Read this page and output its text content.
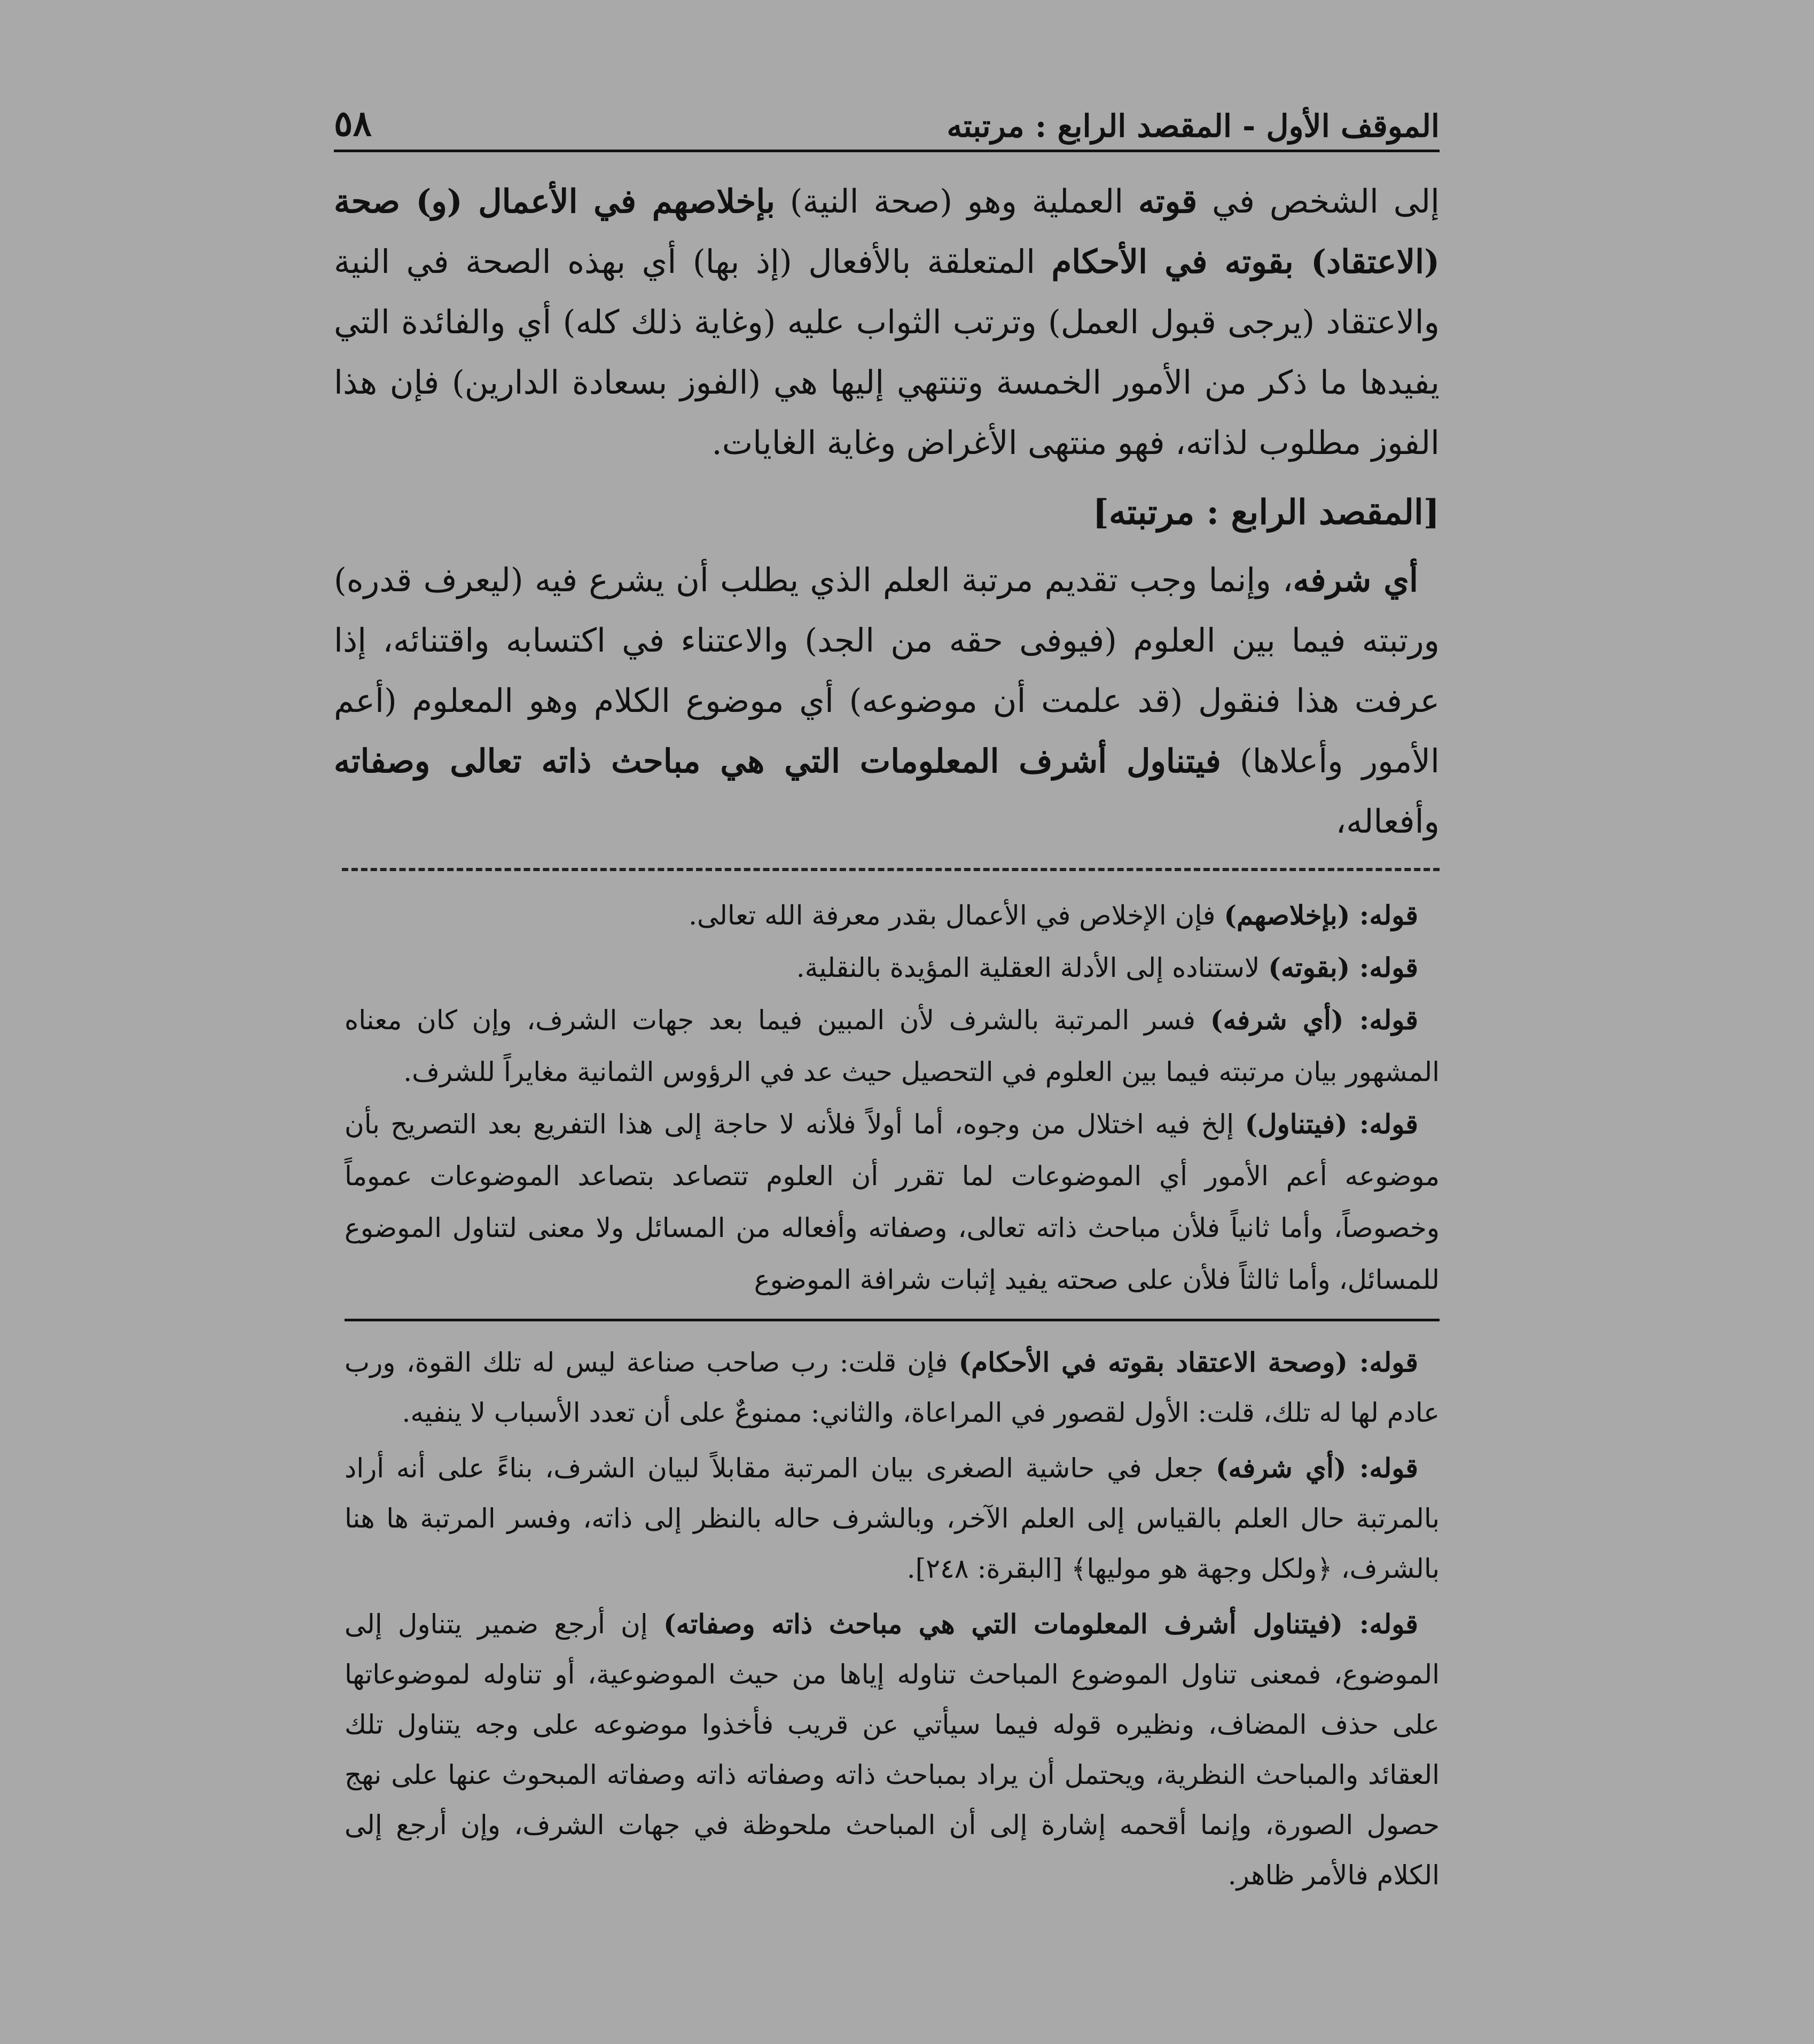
الموقف الأول - المقصد الرابع : مرتبته
٥٨

إلى الشخص في قوته العملية وهو (صحة النية) بإخلاصهم في الأعمال (و) صحة (الاعتقاد) بقوته في الأحكام المتعلقة بالأفعال (إذ بها) أي بهذه الصحة في النية والاعتقاد (يرجى قبول العمل) وترتب الثواب عليه (وغاية ذلك كله) أي والفائدة التي يفيدها ما ذكر من الأمور الخمسة وتنتهي إليها هي (الفوز بسعادة الدارين) فإن هذا الفوز مطلوب لذاته، فهو منتهى الأغراض وغاية الغايات.

[المقصد الرابع : مرتبته]

أي شرفه، وإنما وجب تقديم مرتبة العلم الذي يطلب أن يشرع فيه (ليعرف قدره) ورتبته فيما بين العلوم (فيوفى حقه من الجد) والاعتناء في اكتسابه واقتنائه، إذا عرفت هذا فنقول (قد علمت أن موضوعه) أي موضوع الكلام وهو المعلوم (أعم الأمور وأعلاها) فيتناول أشرف المعلومات التي هي مباحث ذاته تعالى وصفاته وأفعاله،

قوله: (بإخلاصهم) فإن الإخلاص في الأعمال بقدر معرفة الله تعالى.

قوله: (بقوته) لاستناده إلى الأدلة العقلية المؤيدة بالنقلية.

قوله: (أي شرفه) فسر المرتبة بالشرف لأن المبين فيما بعد جهات الشرف، وإن كان معناه المشهور بيان مرتبته فيما بين العلوم في التحصيل حيث عد في الرؤوس الثمانية مغايراً للشرف.

قوله: (فيتناول) إلخ فيه اختلال من وجوه، أما أولاً فلأنه لا حاجة إلى هذا التفريع بعد التصريح بأن موضوعه أعم الأمور أي الموضوعات لما تقرر أن العلوم تتصاعد بتصاعد الموضوعات عموماً وخصوصاً، وأما ثانياً فلأن مباحث ذاته تعالى، وصفاته وأفعاله من المسائل ولا معنى لتناول الموضوع للمسائل، وأما ثالثاً فلأن على صحته يفيد إثبات شرافة الموضوع

قوله: (وصحة الاعتقاد بقوته في الأحكام) فإن قلت: رب صاحب صناعة ليس له تلك القوة، ورب عادم لها له تلك، قلت: الأول لقصور في المراعاة، والثاني: ممنوعٌ على أن تعدد الأسباب لا ينفيه.

قوله: (أي شرفه) جعل في حاشية الصغرى بيان المرتبة مقابلاً لبيان الشرف، بناءً على أنه أراد بالمرتبة حال العلم بالقياس إلى العلم الآخر، وبالشرف حاله بالنظر إلى ذاته، وفسر المرتبة ها هنا بالشرف، ﴿ولكل وجهة هو موليها﴾ [البقرة: ٢٤٨].

قوله: (فيتناول أشرف المعلومات التي هي مباحث ذاته وصفاته) إن أرجع ضمير يتناول إلى الموضوع، فمعنى تناول الموضوع المباحث تناوله إياها من حيث الموضوعية، أو تناوله لموضوعاتها على حذف المضاف، ونظيره قوله فيما سيأتي عن قريب فأخذوا موضوعه على وجه يتناول تلك العقائد والمباحث النظرية، ويحتمل أن يراد بمباحث ذاته وصفاته ذاته وصفاته المبحوث عنها على نهج حصول الصورة، وإنما أقحمه إشارة إلى أن المباحث ملحوظة في جهات الشرف، وإن أرجع إلى الكلام فالأمر ظاهر.
